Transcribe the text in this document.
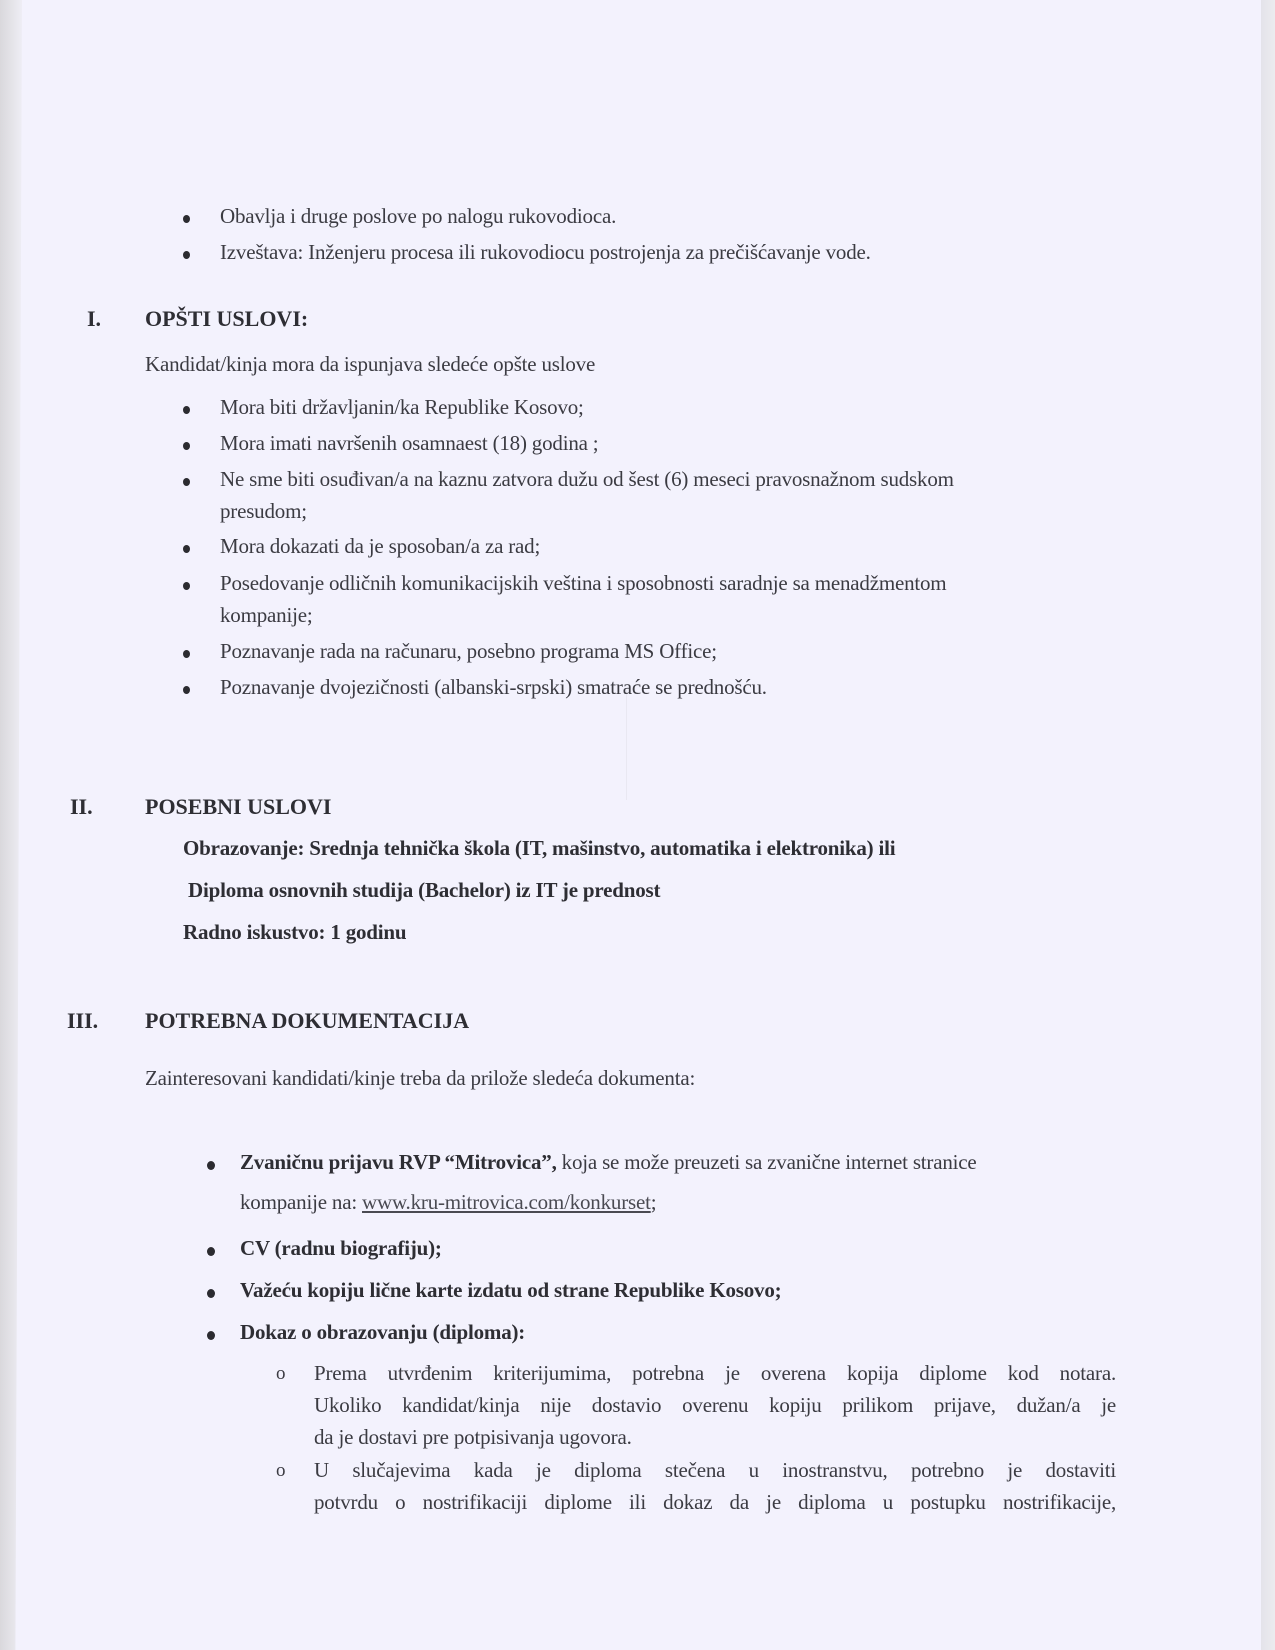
Obavlja i druge poslove po nalogu rukovodioca.
Izveštava: Inženjeru procesa ili rukovodiocu postrojenja za prečišćavanje vode.
I. OPŠTI USLOVI:
Kandidat/kinja mora da ispunjava sledeće opšte uslove
Mora biti državljanin/ka Republike Kosovo;
Mora imati navršenih osamnaest (18) godina ;
Ne sme biti osuđivan/a na kaznu zatvora dužu od šest (6) meseci pravosnažnom sudskom
presudom;
Mora dokazati da je sposoban/a za rad;
Posedovanje odličnih komunikacijskih veština i sposobnosti saradnje sa menadžmentom
kompanije;
Poznavanje rada na računaru, posebno programa MS Office;
Poznavanje dvojezičnosti (albanski-srpski) smatraće se prednošću.
II. POSEBNI USLOVI
Obrazovanje: Srednja tehnička škola (IT, mašinstvo, automatika i elektronika) ili
Diploma osnovnih studija (Bachelor) iz IT je prednost
Radno iskustvo: 1 godinu
III. POTREBNA DOKUMENTACIJA
Zainteresovani kandidati/kinje treba da priložе sledeća dokumenta:
Zvaničnu prijavu RVP “Mitrovica”, koja se može preuzeti sa zvanične internet stranice
kompanije na: www.kru-mitrovica.com/konkurset;
CV (radnu biografiju);
Važeću kopiju lične karte izdatu od strane Republike Kosovo;
Dokaz o obrazovanju (diploma):
o Prema utvrđenim kriterijumima, potrebna je overena kopija diplome kod notara.
Ukoliko kandidat/kinja nije dostavio overenu kopiju prilikom prijave, dužan/a je
da je dostavi pre potpisivanja ugovora.
o U slučajevima kada je diploma stečena u inostranstvu, potrebno je dostaviti
potvrdu o nostrifikaciji diplome ili dokaz da je diploma u postupku nostrifikacije,
